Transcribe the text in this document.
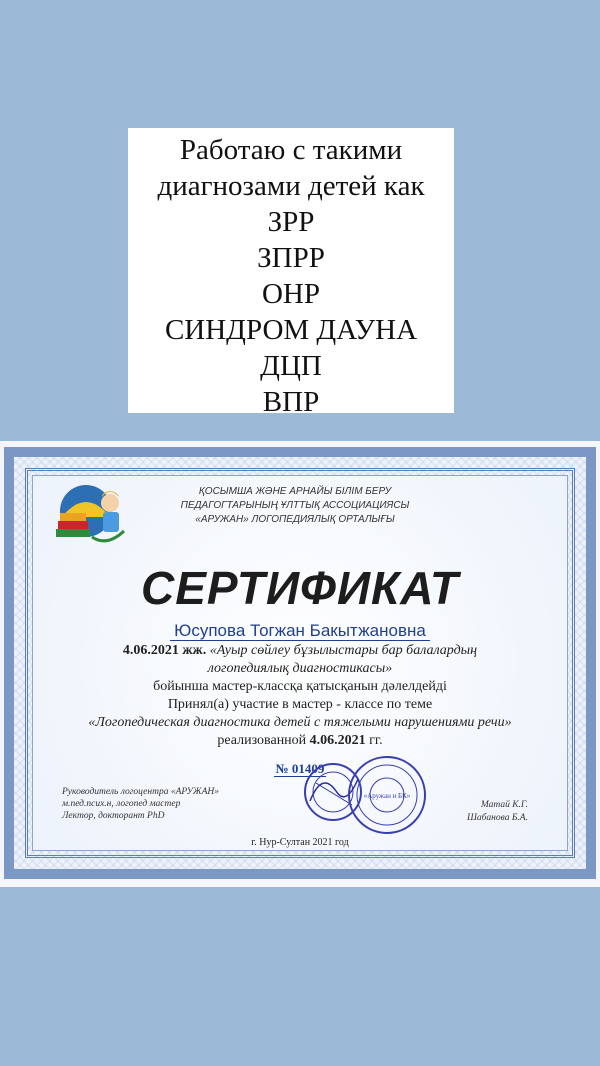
Работаю с такими
диагнозами детей как
ЗРР
ЗПРР
ОНР
СИНДРОМ ДАУНА
ДЦП
ВПР
ҚОСЫМША ЖӘНЕ АРНАЙЫ БІЛІМ БЕРУ
ПЕДАГОГТАРЫНЫҢ ҰЛТТЫҚ АССОЦИАЦИЯСЫ
«АРУЖАН» ЛОГОПЕДИЯЛЫҚ ОРТАЛЫҒЫ
СЕРТИФИКАТ
Юсупова Тогжан Бакытжановна
4.06.2021 жж. «Ауыр сөйлеу бұзылыстары бар балалардың
логопедиялық диагностикасы»
бойынша мастер-классқа қатысқанын дәлелдейді
Принял(а) участие в мастер - классе по теме
«Логопедическая диагностика детей с тяжелыми нарушениями речи»
реализованной 4.06.2021 гг.
№ 01409
Руководитель логоцентра «АРУЖАН»
м.пед.псих.н, логопед мастер
Лектор, докторант PhD
«Аружан и БК»
Матай К.Г.
Шабанова Б.А.
г. Нур-Султан 2021 год
